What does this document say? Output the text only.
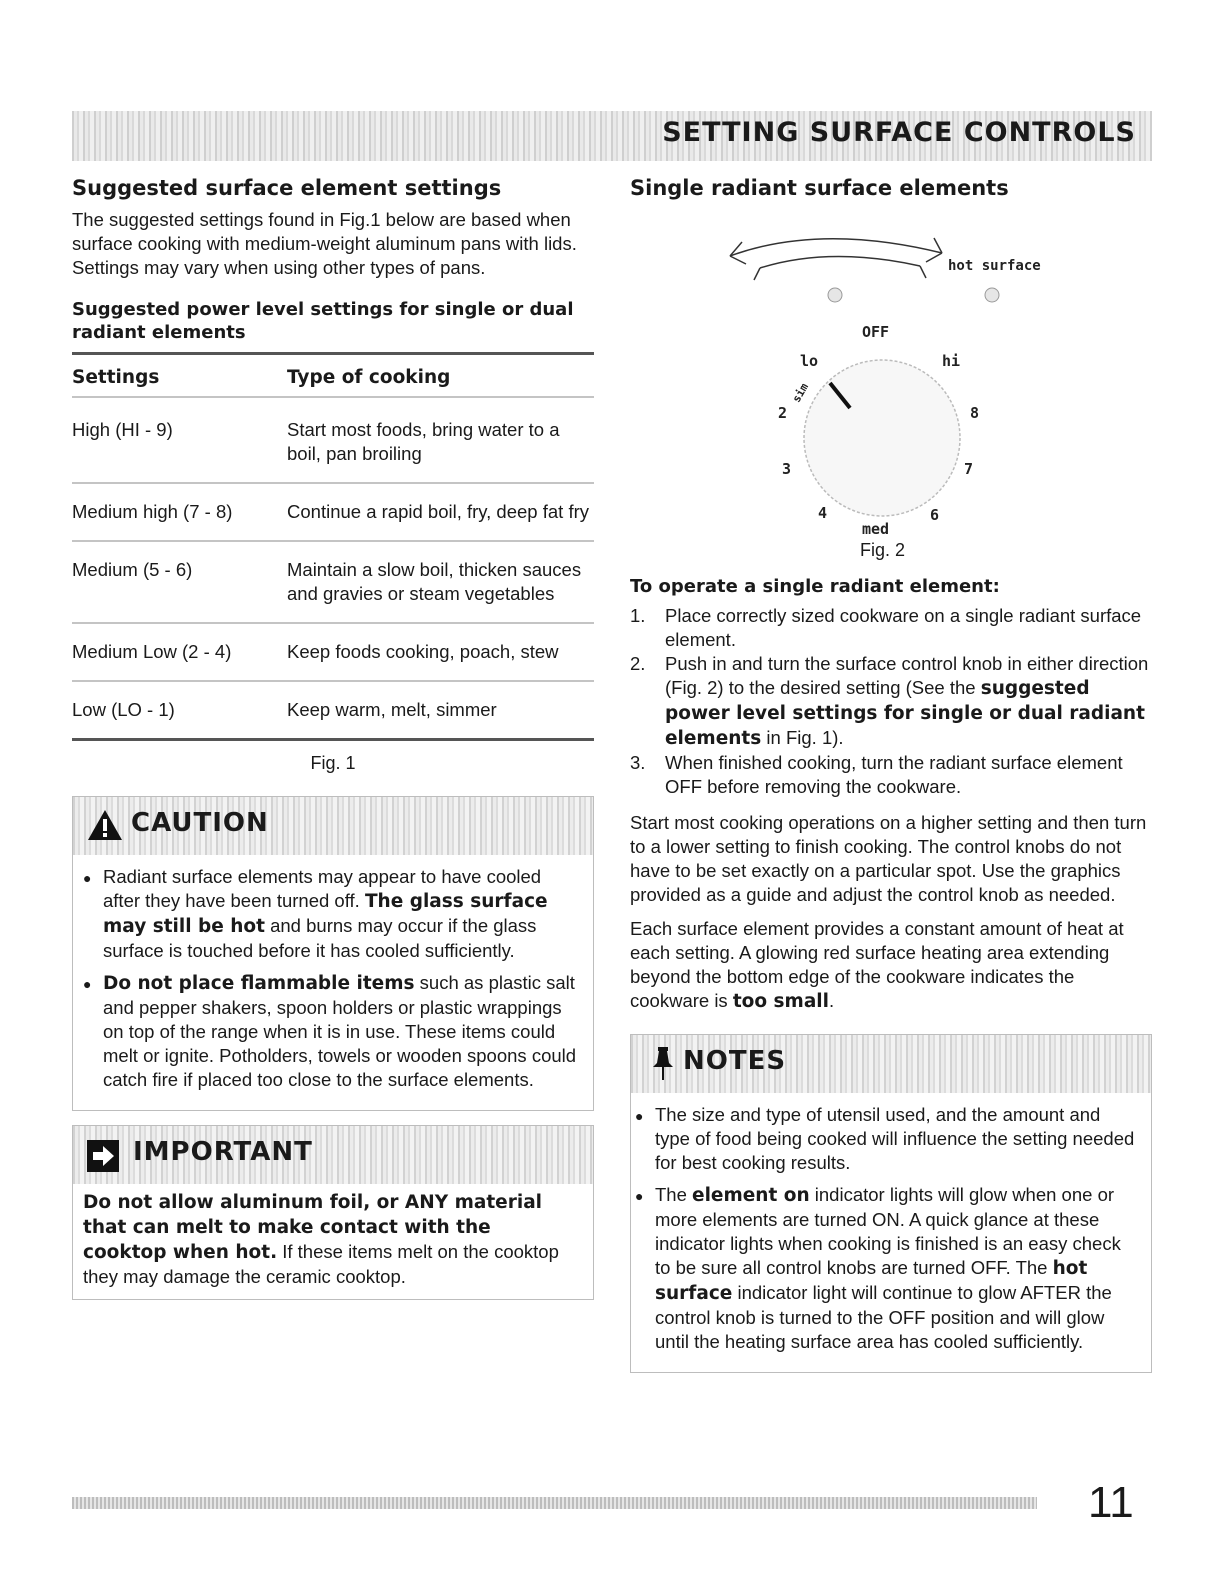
SETTING SURFACE CONTROLS
Suggested surface element settings

The suggested settings found in Fig.1 below are based when surface cooking with medium-weight aluminum pans with lids. Settings may vary when using other types of pans.

Suggested power level settings for single or dual radiant elements
Settings	Type of cooking
High (HI - 9)	Start most foods, bring water to a boil, pan broiling
Medium high (7 - 8)	Continue a rapid boil, fry, deep fat fry
Medium (5 - 6)	Maintain a slow boil, thicken sauces and gravies or steam vegetables
Medium Low (2 - 4)	Keep foods cooking, poach, stew
Low (LO - 1)	Keep warm, melt, simmer
Fig. 1
CAUTION
● Radiant surface elements may appear to have cooled after they have been turned off. The glass surface may still be hot and burns may occur if the glass surface is touched before it has cooled sufficiently.
● Do not place flammable items such as plastic salt and pepper shakers, spoon holders or plastic wrappings on top of the range when it is in use. These items could melt or ignite. Potholders, towels or wooden spoons could catch fire if placed too close to the surface elements.
IMPORTANT

Do not allow aluminum foil, or ANY material that can melt to make contact with the cooktop when hot. If these items melt on the cooktop they may damage the ceramic cooktop.

Single radiant surface elements
hot surface
OFF
lo	hi
sim
2	8
3	7
4	6
med
Fig. 2
To operate a single radiant element:
1.	Place correctly sized cookware on a single radiant surface element.
2.	Push in and turn the surface control knob in either direction (Fig. 2) to the desired setting (See the suggested power level settings for single or dual radiant elements in Fig. 1).
3.	When finished cooking, turn the radiant surface element OFF before removing the cookware.

Start most cooking operations on a higher setting and then turn to a lower setting to finish cooking. The control knobs do not have to be set exactly on a particular spot. Use the graphics provided as a guide and adjust the control knob as needed.

Each surface element provides a constant amount of heat at each setting. A glowing red surface heating area extending beyond the bottom edge of the cookware indicates the cookware is too small.

NOTES
● The size and type of utensil used, and the amount and type of food being cooked will influence the setting needed for best cooking results.
● The element on indicator lights will glow when one or more elements are turned ON. A quick glance at these indicator lights when cooking is finished is an easy check to be sure all control knobs are turned OFF. The hot surface indicator light will continue to glow AFTER the control knob is turned to the OFF position and will glow until the heating surface area has cooled sufficiently.
11
